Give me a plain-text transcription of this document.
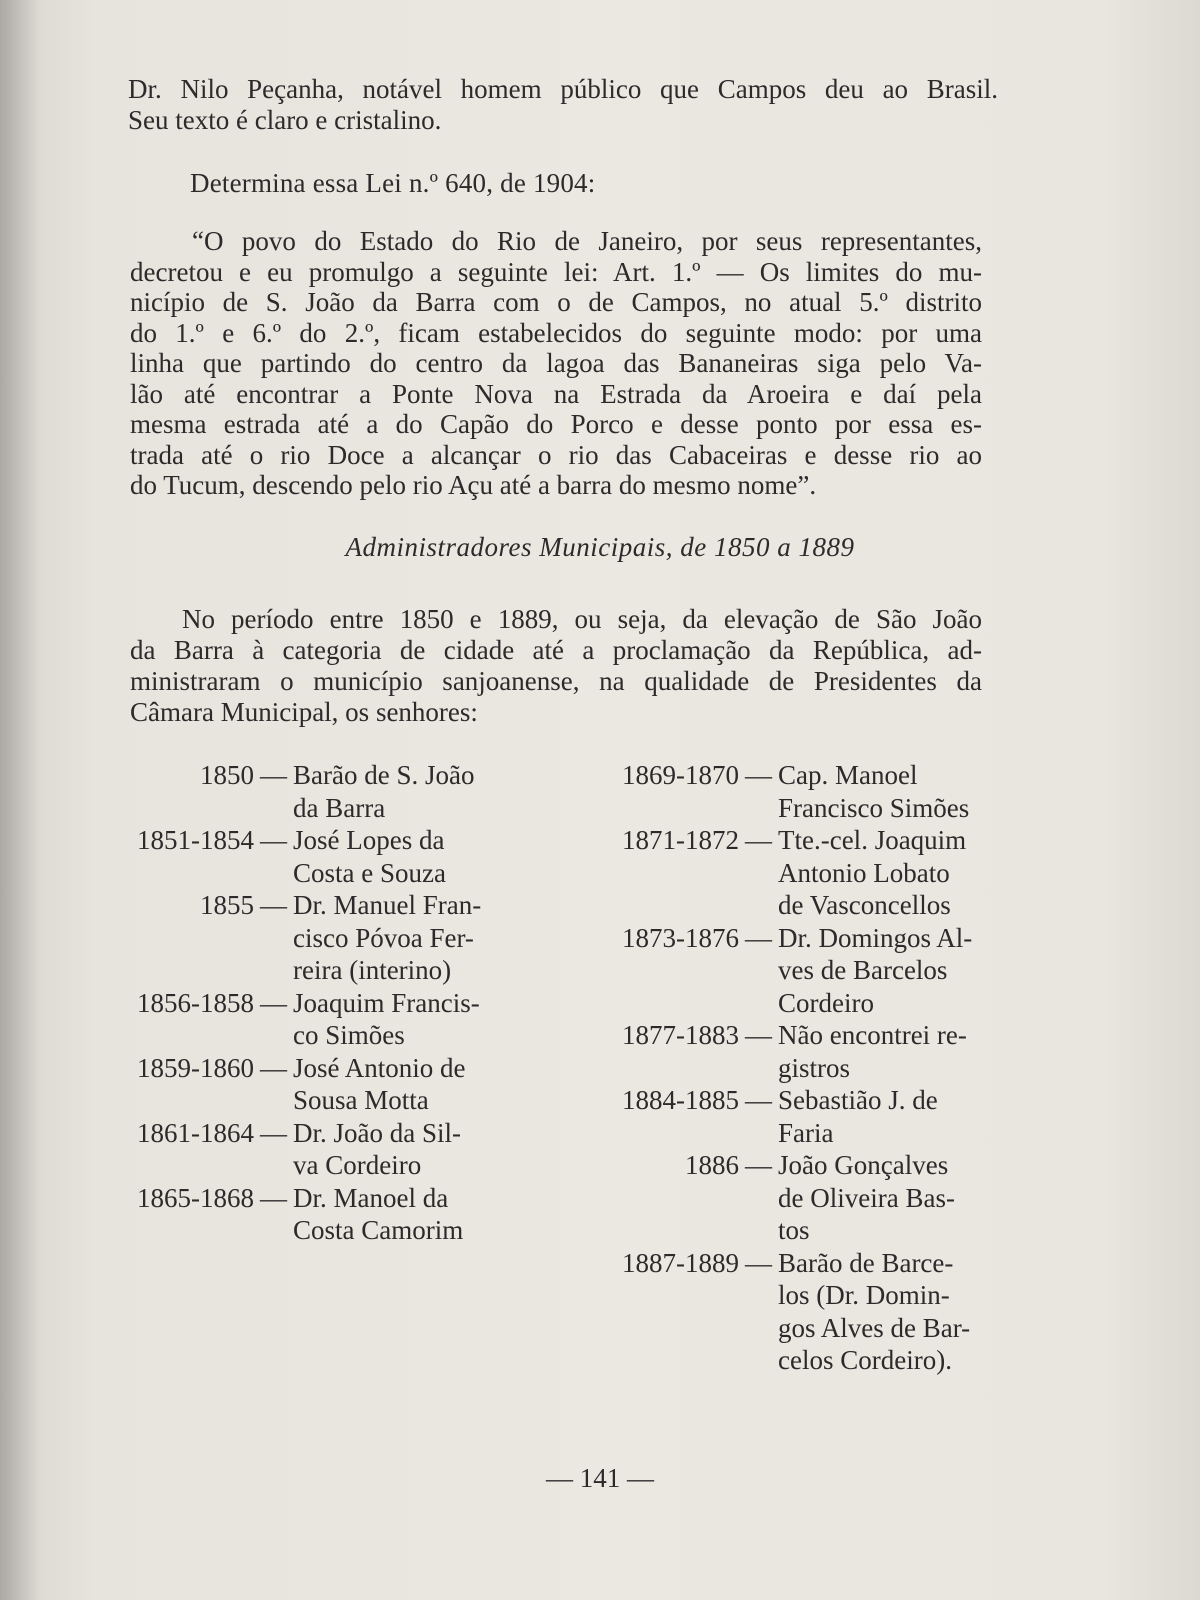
Dr. Nilo Peçanha, notável homem público que Campos deu ao Brasil.
Seu texto é claro e cristalino.
Determina essa Lei n.º 640, de 1904:
“O povo do Estado do Rio de Janeiro, por seus representantes,
decretou e eu promulgo a seguinte lei: Art. 1.º — Os limites do mu-
nicípio de S. João da Barra com o de Campos, no atual 5.º distrito
do 1.º e 6.º do 2.º, ficam estabelecidos do seguinte modo: por uma
linha que partindo do centro da lagoa das Bananeiras siga pelo Va-
lão até encontrar a Ponte Nova na Estrada da Aroeira e daí pela
mesma estrada até a do Capão do Porco e desse ponto por essa es-
trada até o rio Doce a alcançar o rio das Cabaceiras e desse rio ao
do Tucum, descendo pelo rio Açu até a barra do mesmo nome”.
Administradores Municipais, de 1850 a 1889
No período entre 1850 e 1889, ou seja, da elevação de São João
da Barra à categoria de cidade até a proclamação da República, ad-
ministraram o município sanjoanense, na qualidade de Presidentes da
Câmara Municipal, os senhores:
1850 — Barão de S. João
da Barra
1851-1854 — José Lopes da
Costa e Souza
1855 — Dr. Manuel Fran-
cisco Póvoa Fer-
reira (interino)
1856-1858 — Joaquim Francis-
co Simões
1859-1860 — José Antonio de
Sousa Motta
1861-1864 — Dr. João da Sil-
va Cordeiro
1865-1868 — Dr. Manoel da
Costa Camorim
1869-1870 — Cap. Manoel
Francisco Simões
1871-1872 — Tte.-cel. Joaquim
Antonio Lobato
de Vasconcellos
1873-1876 — Dr. Domingos Al-
ves de Barcelos
Cordeiro
1877-1883 — Não encontrei re-
gistros
1884-1885 — Sebastião J. de
Faria
1886 — João Gonçalves
de Oliveira Bas-
tos
1887-1889 — Barão de Barce-
los (Dr. Domin-
gos Alves de Bar-
celos Cordeiro).
— 141 —
